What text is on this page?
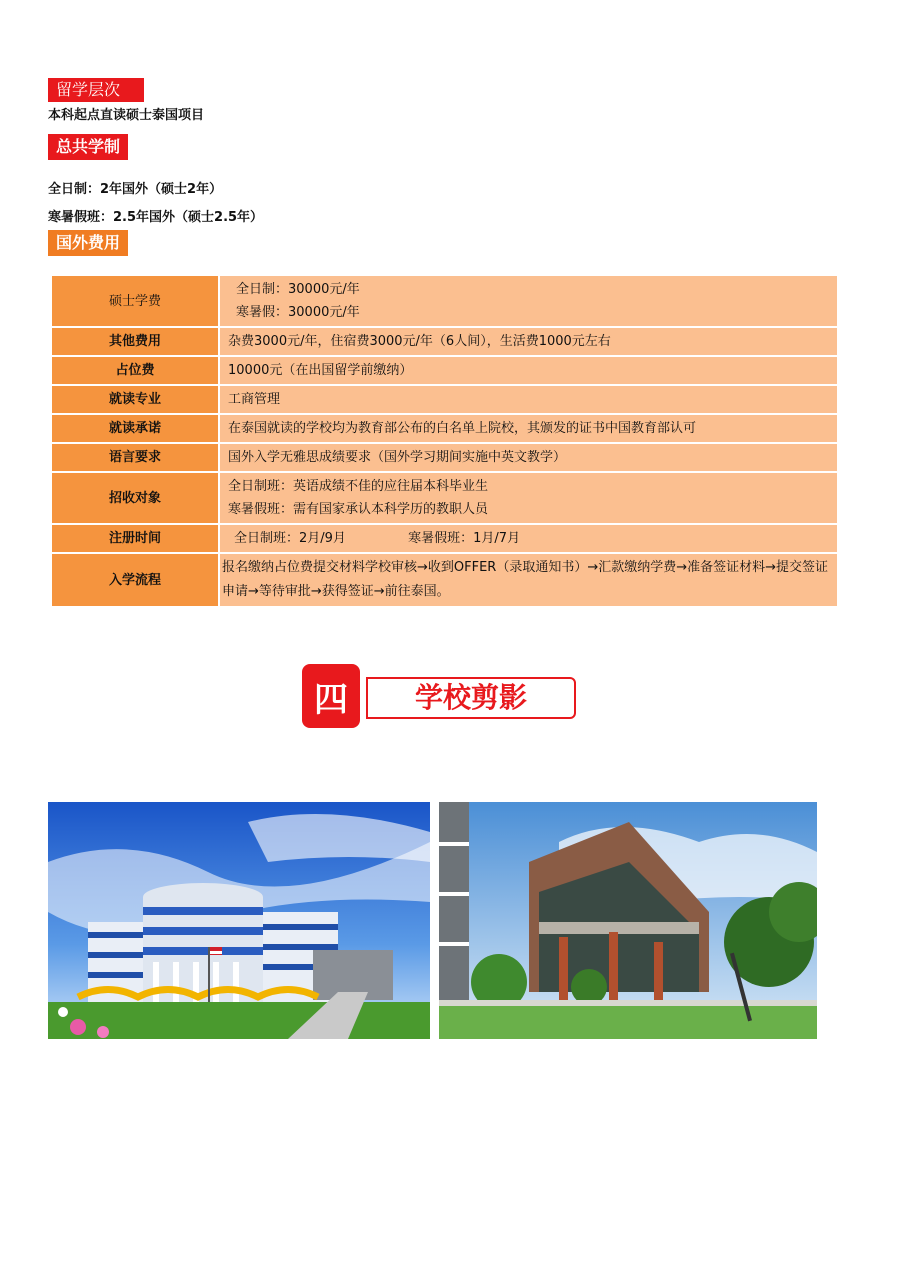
留学层次
本科起点直读硕士泰国项目
总共学制
全日制：2年国外（硕士2年）
寒暑假班：2.5年国外（硕士2.5年）
国外费用
硕士学费	全日制：30000元/年
寒暑假：30000元/年

其他费用	杂费3000元/年，住宿费3000元/年（6人间），生活费1000元左右
占位费	10000元（在出国留学前缴纳）
就读专业	工商管理
就读承诺	在泰国就读的学校均为教育部公布的白名单上院校，其颁发的证书中国教育部认可
语言要求	国外入学无雅思成绩要求（国外学习期间实施中英文教学）
招收对象	全日制班：英语成绩不佳的应往届本科毕业生
寒暑假班：需有国家承认本科学历的教职人员

注册时间	全日制班：2月/9月 寒暑假班：1月/7月
入学流程	报名缴纳占位费提交材料学校审核→收到OFFER（录取通知书）→汇款缴纳学费→准备签证材料→提交签证申请→等待审批→获得签证→前往泰国。
四	学校剪影
